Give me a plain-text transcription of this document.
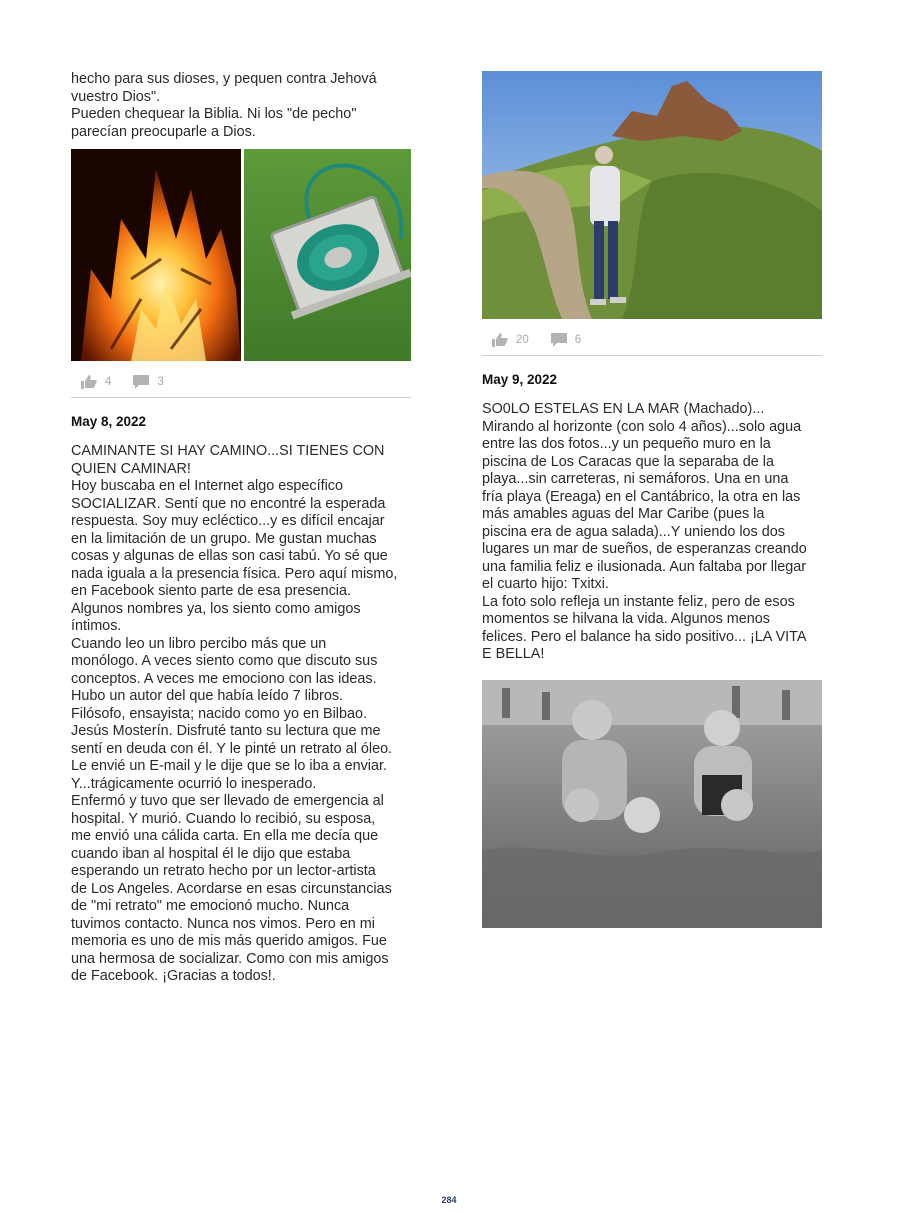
hecho para sus dioses, y pequen contra Jehová
vuestro Dios".
Pueden chequear la Biblia. Ni los "de pecho"
parecían preocuparle a Dios.

4	3

May 8, 2022

CAMINANTE SI HAY CAMINO...SI TIENES CON
QUIEN CAMINAR!
Hoy buscaba en el Internet algo específico
SOCIALIZAR. Sentí que no encontré la esperada
respuesta. Soy muy ecléctico...y es difícil encajar
en la limitación de un grupo. Me gustan muchas
cosas y algunas de ellas son casi tabú. Yo sé que
nada iguala a la presencia física. Pero aquí mismo,
en Facebook siento parte de esa presencia.
Algunos nombres ya, los siento como amigos
íntimos.
Cuando leo un libro percibo más que un
monólogo. A veces siento como que discuto sus
conceptos. A veces me emociono con las ideas.
Hubo un autor del que había leído 7 libros.
Filósofo, ensayista; nacido como yo en Bilbao.
Jesús Mosterín. Disfruté tanto su lectura que me
sentí en deuda con él. Y le pinté un retrato al óleo.
Le envié un E-mail y le dije que se lo iba a enviar.
Y...trágicamente ocurrió lo inesperado.
Enfermó y tuvo que ser llevado de emergencia al
hospital. Y murió. Cuando lo recibió, su esposa,
me envió una cálida carta. En ella me decía que
cuando iban al hospital él le dijo que estaba
esperando un retrato hecho por un lector-artista
de Los Angeles. Acordarse en esas circunstancias
de "mi retrato" me emocionó mucho. Nunca
tuvimos contacto. Nunca nos vimos. Pero en mi
memoria es uno de mis más querido amigos. Fue
una hermosa de socializar. Como con mis amigos
de Facebook. ¡Gracias a todos!.

20	6

May 9, 2022

SO0LO ESTELAS EN LA MAR (Machado)...
Mirando al horizonte (con solo 4 años)...solo agua
entre las dos fotos...y un pequeño muro en la
piscina de Los Caracas que la separaba de la
playa...sin carreteras, ni semáforos. Una en una
fría playa (Ereaga) en el Cantábrico, la otra en las
más amables aguas del Mar Caribe (pues la
piscina era de agua salada)...Y uniendo los dos
lugares un mar de sueños, de esperanzas creando
una familia feliz e ilusionada. Aun faltaba por llegar
el cuarto hijo: Txitxi.
La foto solo refleja un instante feliz, pero de esos
momentos se hilvana la vida. Algunos menos
felices. Pero el balance ha sido positivo... ¡LA VITA
E BELLA!

284
